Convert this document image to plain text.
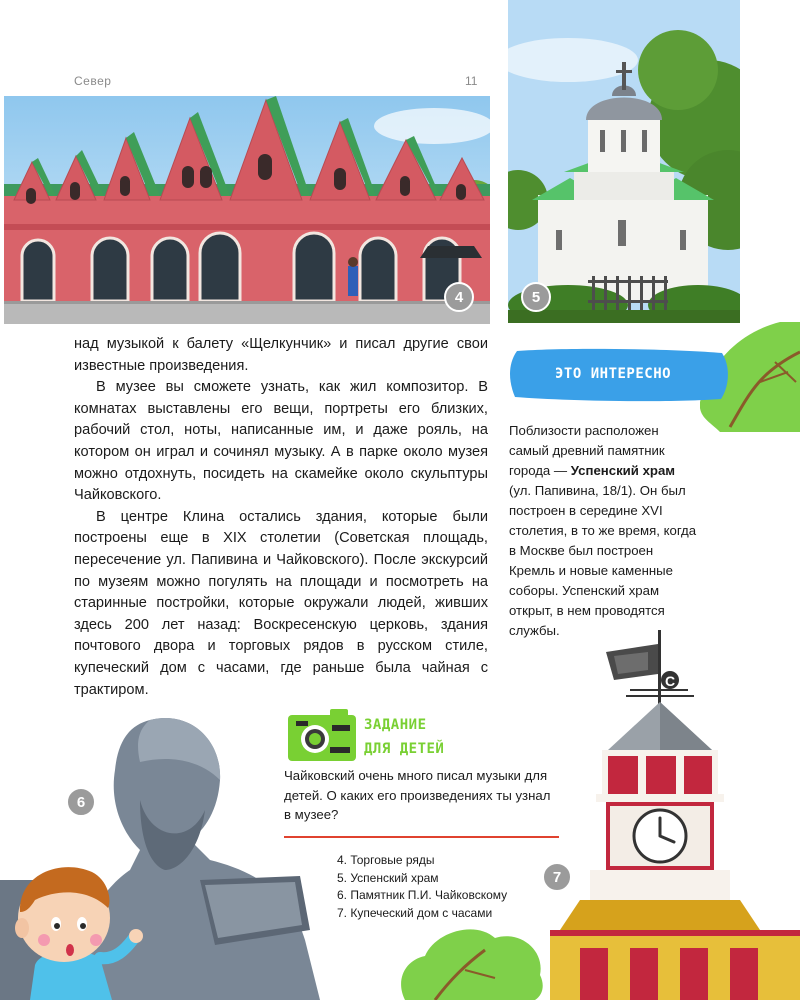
Север	11
4	5

над музыкой к балету «Щелкунчик» и писал другие свои известные произведения.

В музее вы сможете узнать, как жил композитор. В комнатах выставлены его вещи, портреты его близких, рабочий стол, ноты, написанные им, и даже рояль, на котором он играл и сочинял музыку. А в парке около музея можно отдохнуть, посидеть на скамейке около скульптуры Чайковского.

В центре Клина остались здания, которые были построены еще в XIX столетии (Советская площадь, пересечение ул. Папивина и Чайковского). После экскурсий по музеям можно погулять на площади и посмотреть на старинные постройки, которые окружали людей, живших здесь 200 лет назад: Воскресенскую церковь, здания почтового двора и торговых рядов в русском стиле, купеческий дом с часами, где раньше была чайная с трактиром.

ЭТО ИНТЕРЕСНО
Поблизости расположен самый древний памятник города — Успенский храм (ул. Папивина, 18/1). Он был построен в середине XVI столетия, в то же время, когда в Москве был построен Кремль и новые каменные соборы. Успенский храм открыт, в нем проводятся службы.
6
ЗАДАНИЕ
ДЛЯ ДЕТЕЙ
Чайковский очень много писал музыки для детей. О каких его произведениях ты узнал в музее?
4. Торговые ряды
5. Успенский храм
6. Памятник П.И. Чайковскому
7. Купеческий дом с часами
С
7
